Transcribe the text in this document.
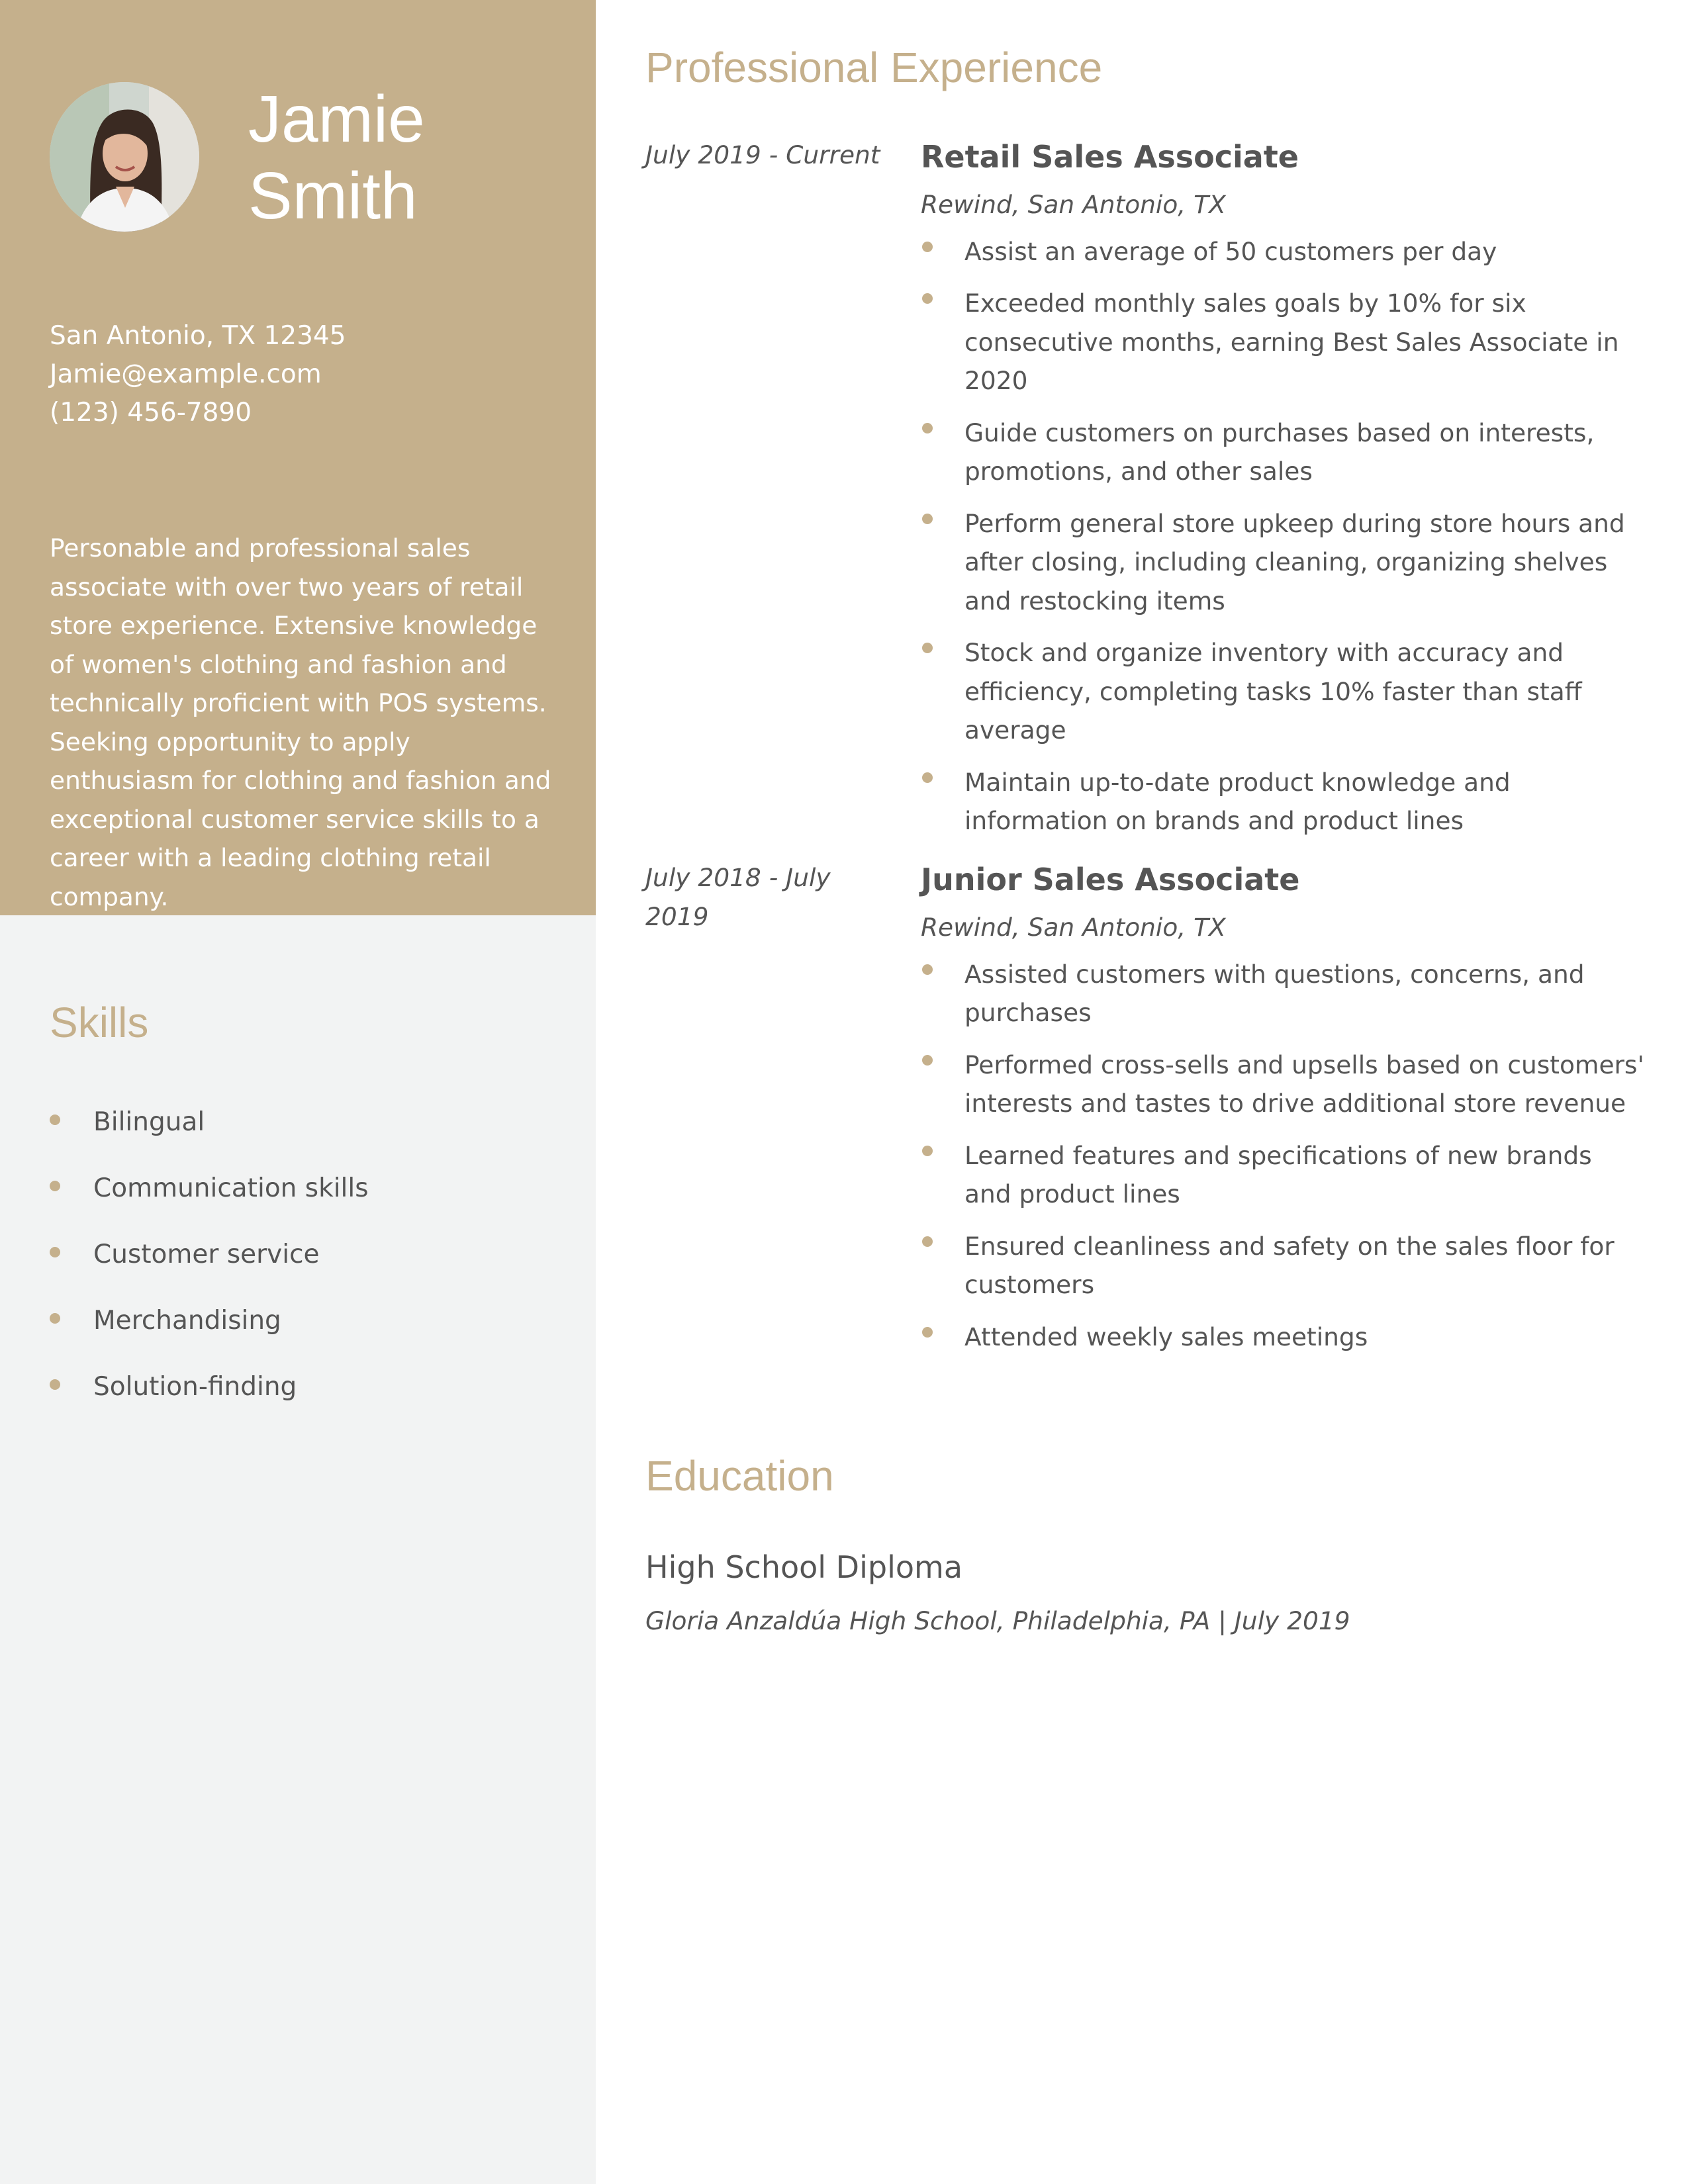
Jamie
Smith
San Antonio, TX 12345
Jamie@example.com
(123) 456-7890
Personable and professional sales associate with over two years of retail store experience. Extensive knowledge of women's clothing and fashion and technically proficient with POS systems. Seeking opportunity to apply enthusiasm for clothing and fashion and exceptional customer service skills to a career with a leading clothing retail company.
Skills
Bilingual
Communication skills
Customer service
Merchandising
Solution-finding
Professional Experience
July 2019 - Current Retail Sales Associate
Rewind, San Antonio, TX
Assist an average of 50 customers per day
Exceeded monthly sales goals by 10% for six consecutive months, earning Best Sales Associate in 2020
Guide customers on purchases based on interests, promotions, and other sales
Perform general store upkeep during store hours and after closing, including cleaning, organizing shelves and restocking items
Stock and organize inventory with accuracy and efficiency, completing tasks 10% faster than staff average
Maintain up-to-date product knowledge and information on brands and product lines
July 2018 - July 2019
Junior Sales Associate
Rewind, San Antonio, TX
Assisted customers with questions, concerns, and purchases
Performed cross-sells and upsells based on customers' interests and tastes to drive additional store revenue
Learned features and specifications of new brands and product lines
Ensured cleanliness and safety on the sales floor for customers
Attended weekly sales meetings
Education
High School Diploma
Gloria Anzaldúa High School, Philadelphia, PA | July 2019
